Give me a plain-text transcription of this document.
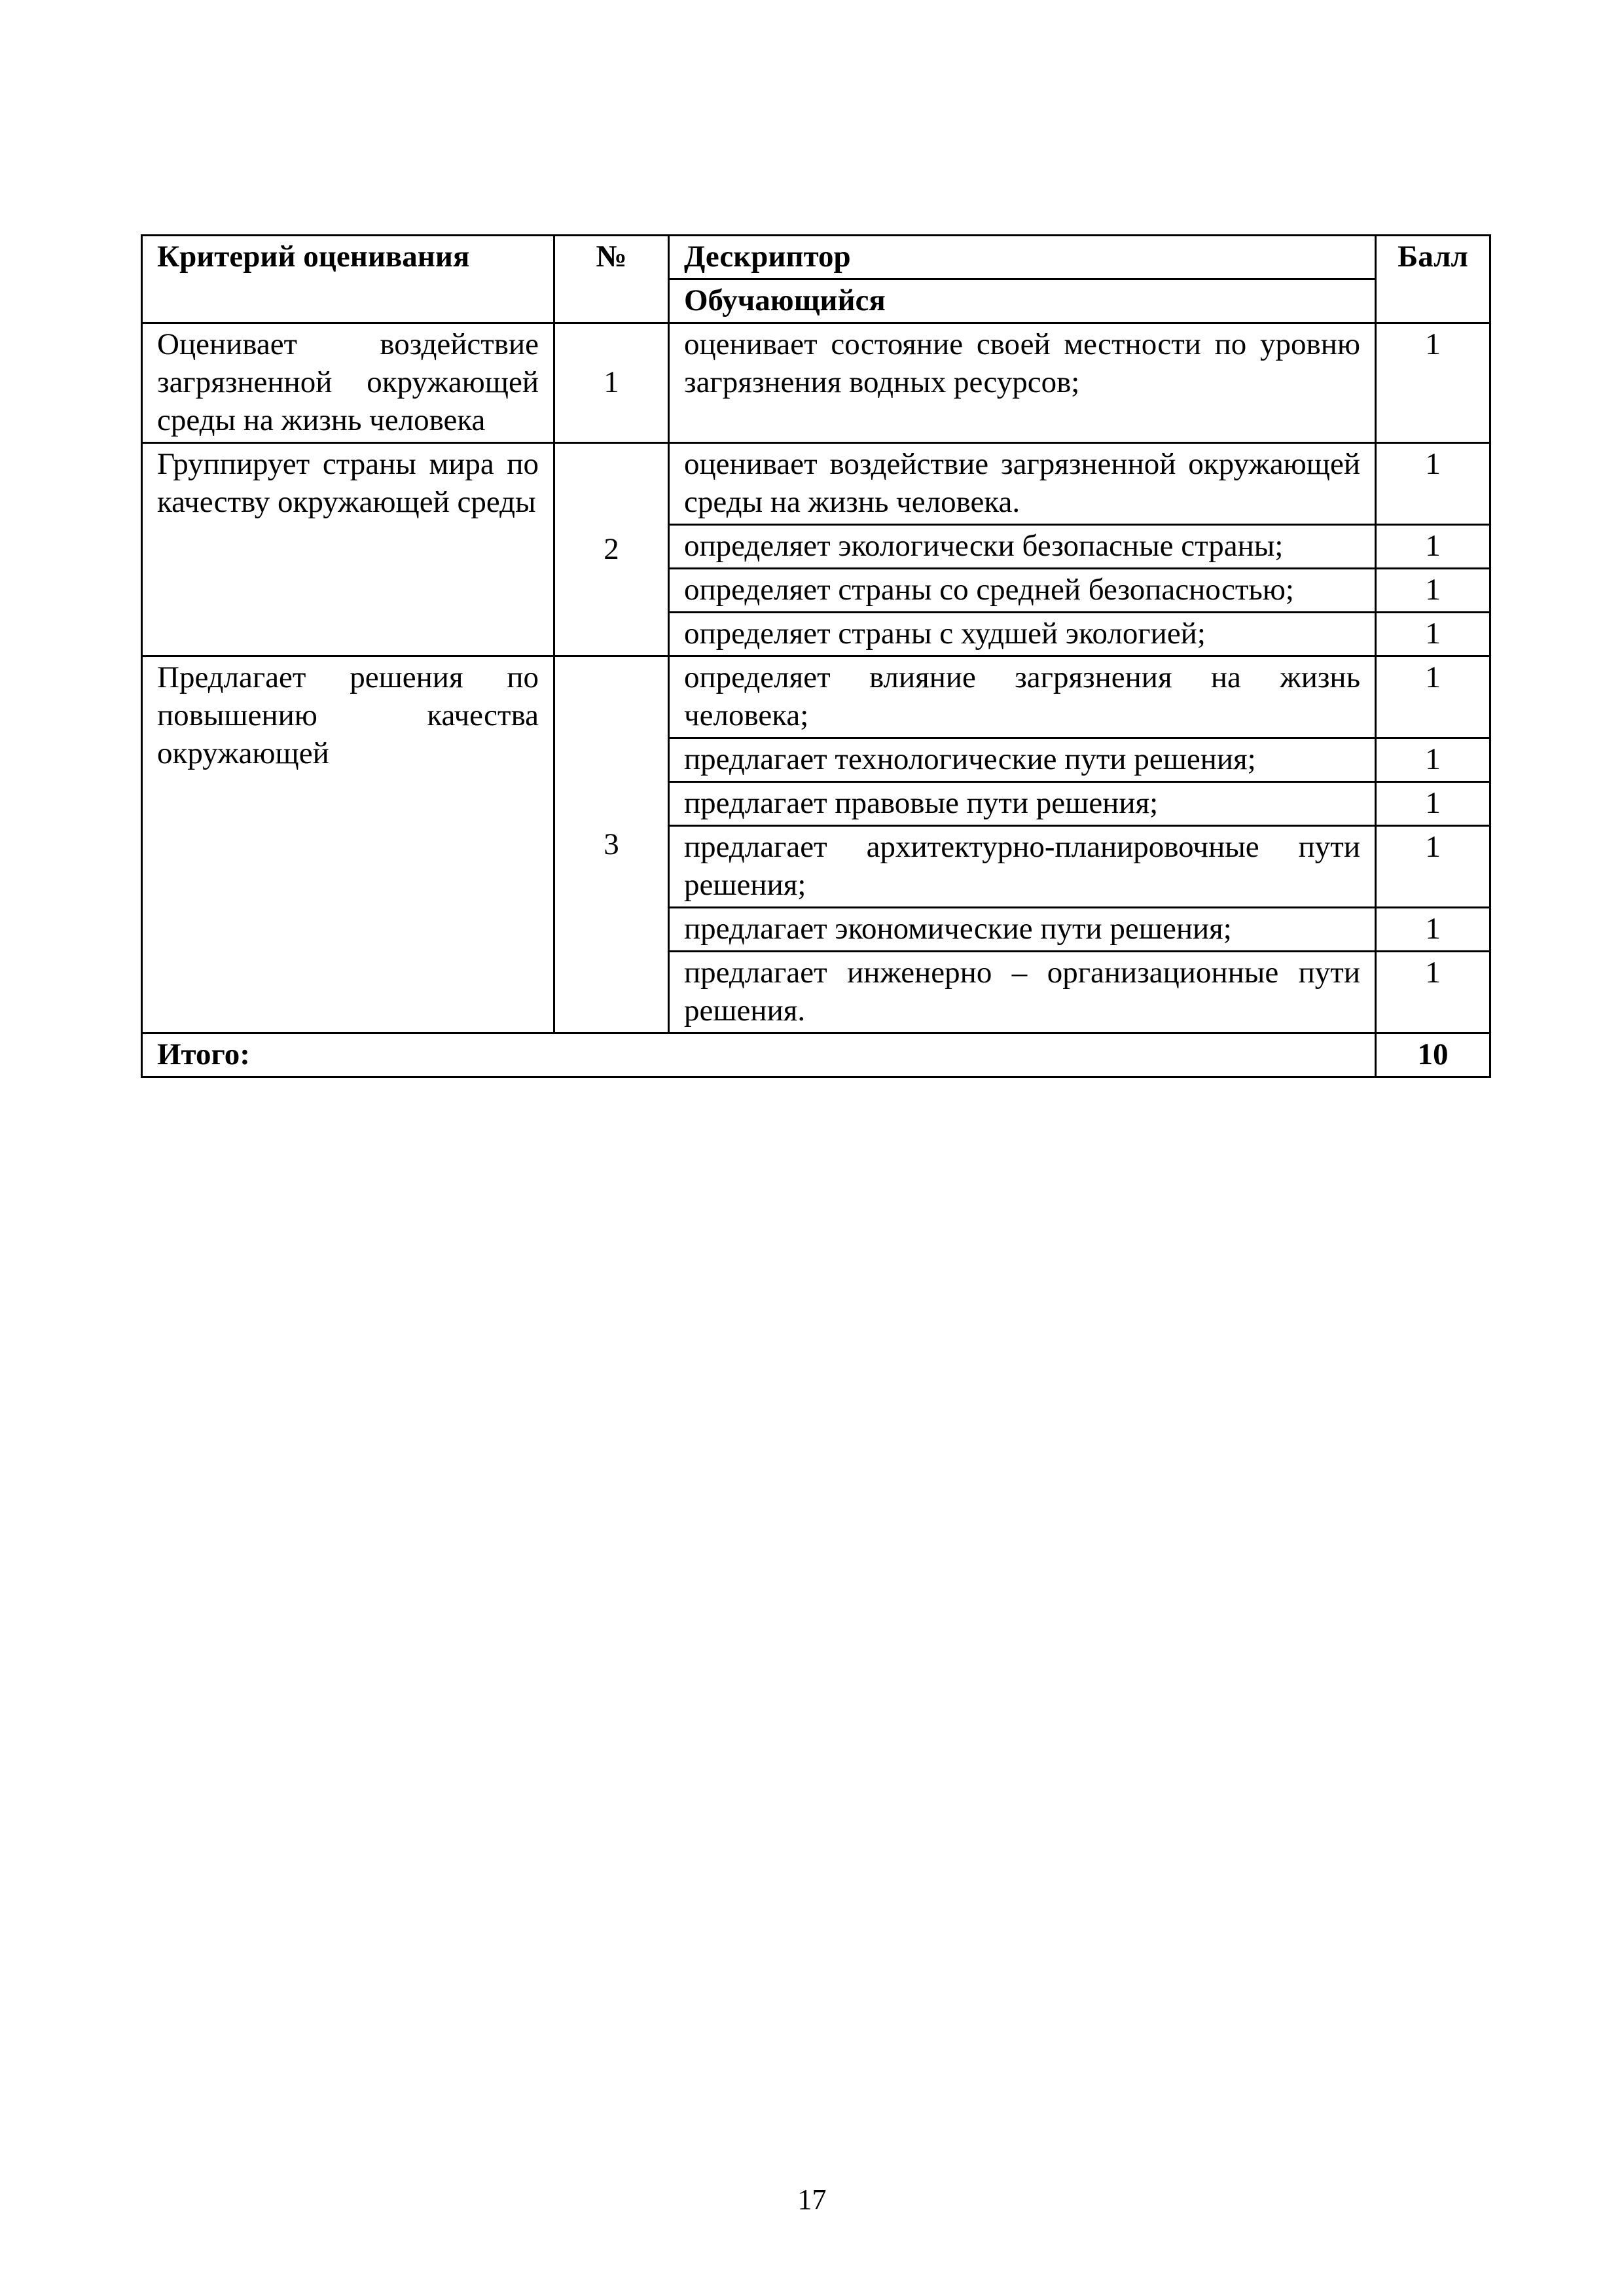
Критерий оценивания	№	Дескриптор	Балл
		Обучающийся	
Оценивает воздействие загрязненной окружающей среды на жизнь человека	1	оценивает состояние своей местности по уровню загрязнения водных ресурсов;	1
Группирует страны мира по качеству окружающей среды	2	оценивает воздействие загрязненной окружающей среды на жизнь человека.	1
		определяет экологически безопасные страны;	1
		определяет страны со средней безопасностью;	1
		определяет страны с худшей экологией;	1
Предлагает решения по повышению качества окружающей	3	определяет влияние загрязнения на жизнь человека;	1
		предлагает технологические пути решения;	1
		предлагает правовые пути решения;	1
		предлагает архитектурно-планировочные пути решения;	1
		предлагает экономические пути решения;	1
		предлагает инженерно – организационные пути решения.	1
Итого:			10
17
